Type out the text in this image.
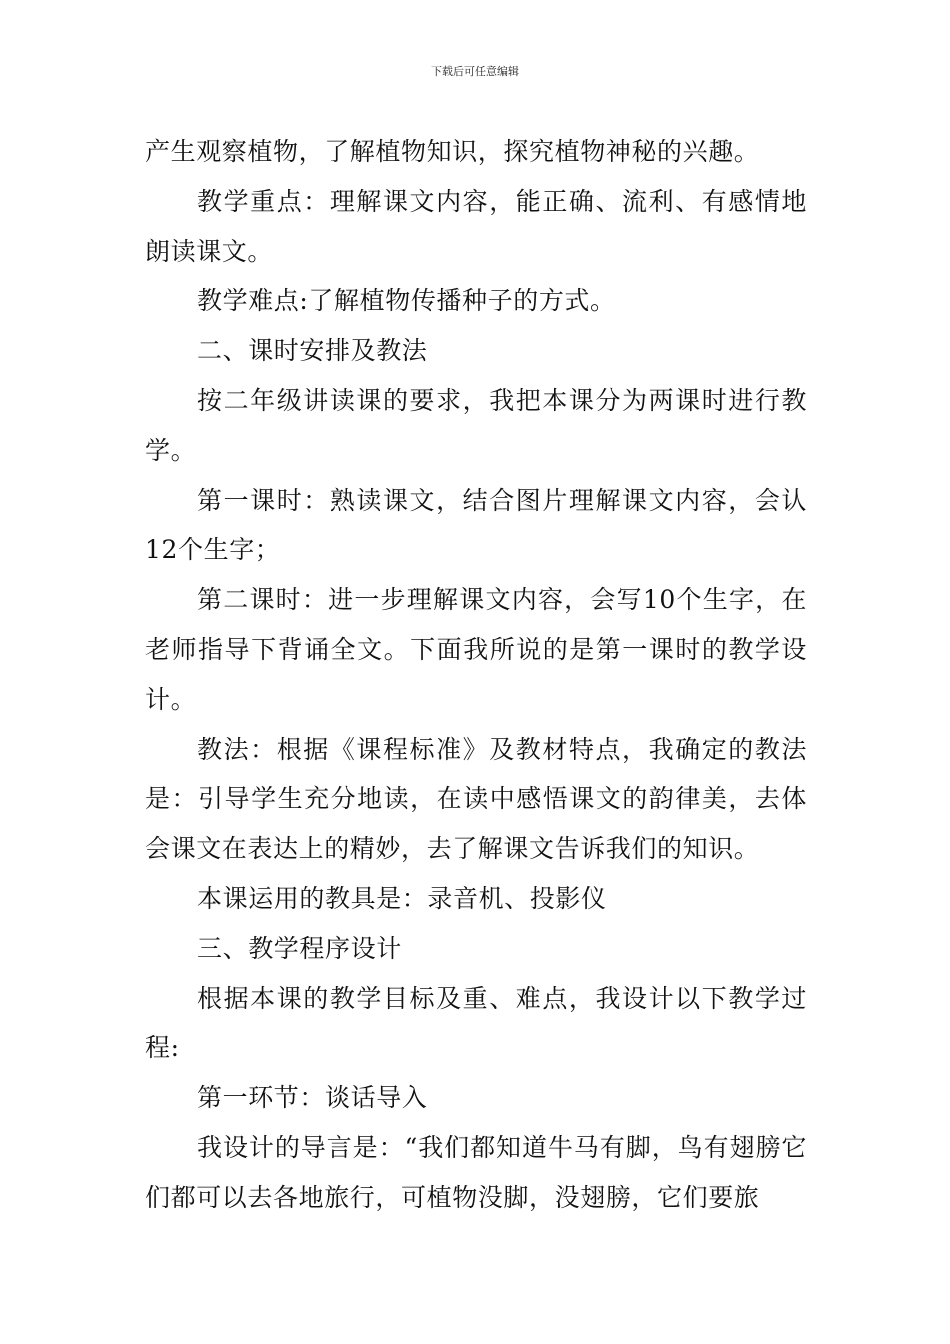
下载后可任意编辑

产生观察植物，了解植物知识，探究植物神秘的兴趣。

教学重点：理解课文内容，能正确、流利、有感情地朗读课文。

教学难点:了解植物传播种子的方式。

二、课时安排及教法

按二年级讲读课的要求，我把本课分为两课时进行教学。

第一课时：熟读课文，结合图片理解课文内容，会认12个生字；

第二课时：进一步理解课文内容，会写10个生字，在老师指导下背诵全文。下面我所说的是第一课时的教学设计。

教法：根据《课程标准》及教材特点，我确定的教法是：引导学生充分地读，在读中感悟课文的韵律美，去体会课文在表达上的精妙，去了解课文告诉我们的知识。

本课运用的教具是：录音机、投影仪

三、教学程序设计

根据本课的教学目标及重、难点，我设计以下教学过程:

第一环节：谈话导入

我设计的导言是：“我们都知道牛马有脚，鸟有翅膀它们都可以去各地旅行，可植物没脚，没翅膀，它们要旅
